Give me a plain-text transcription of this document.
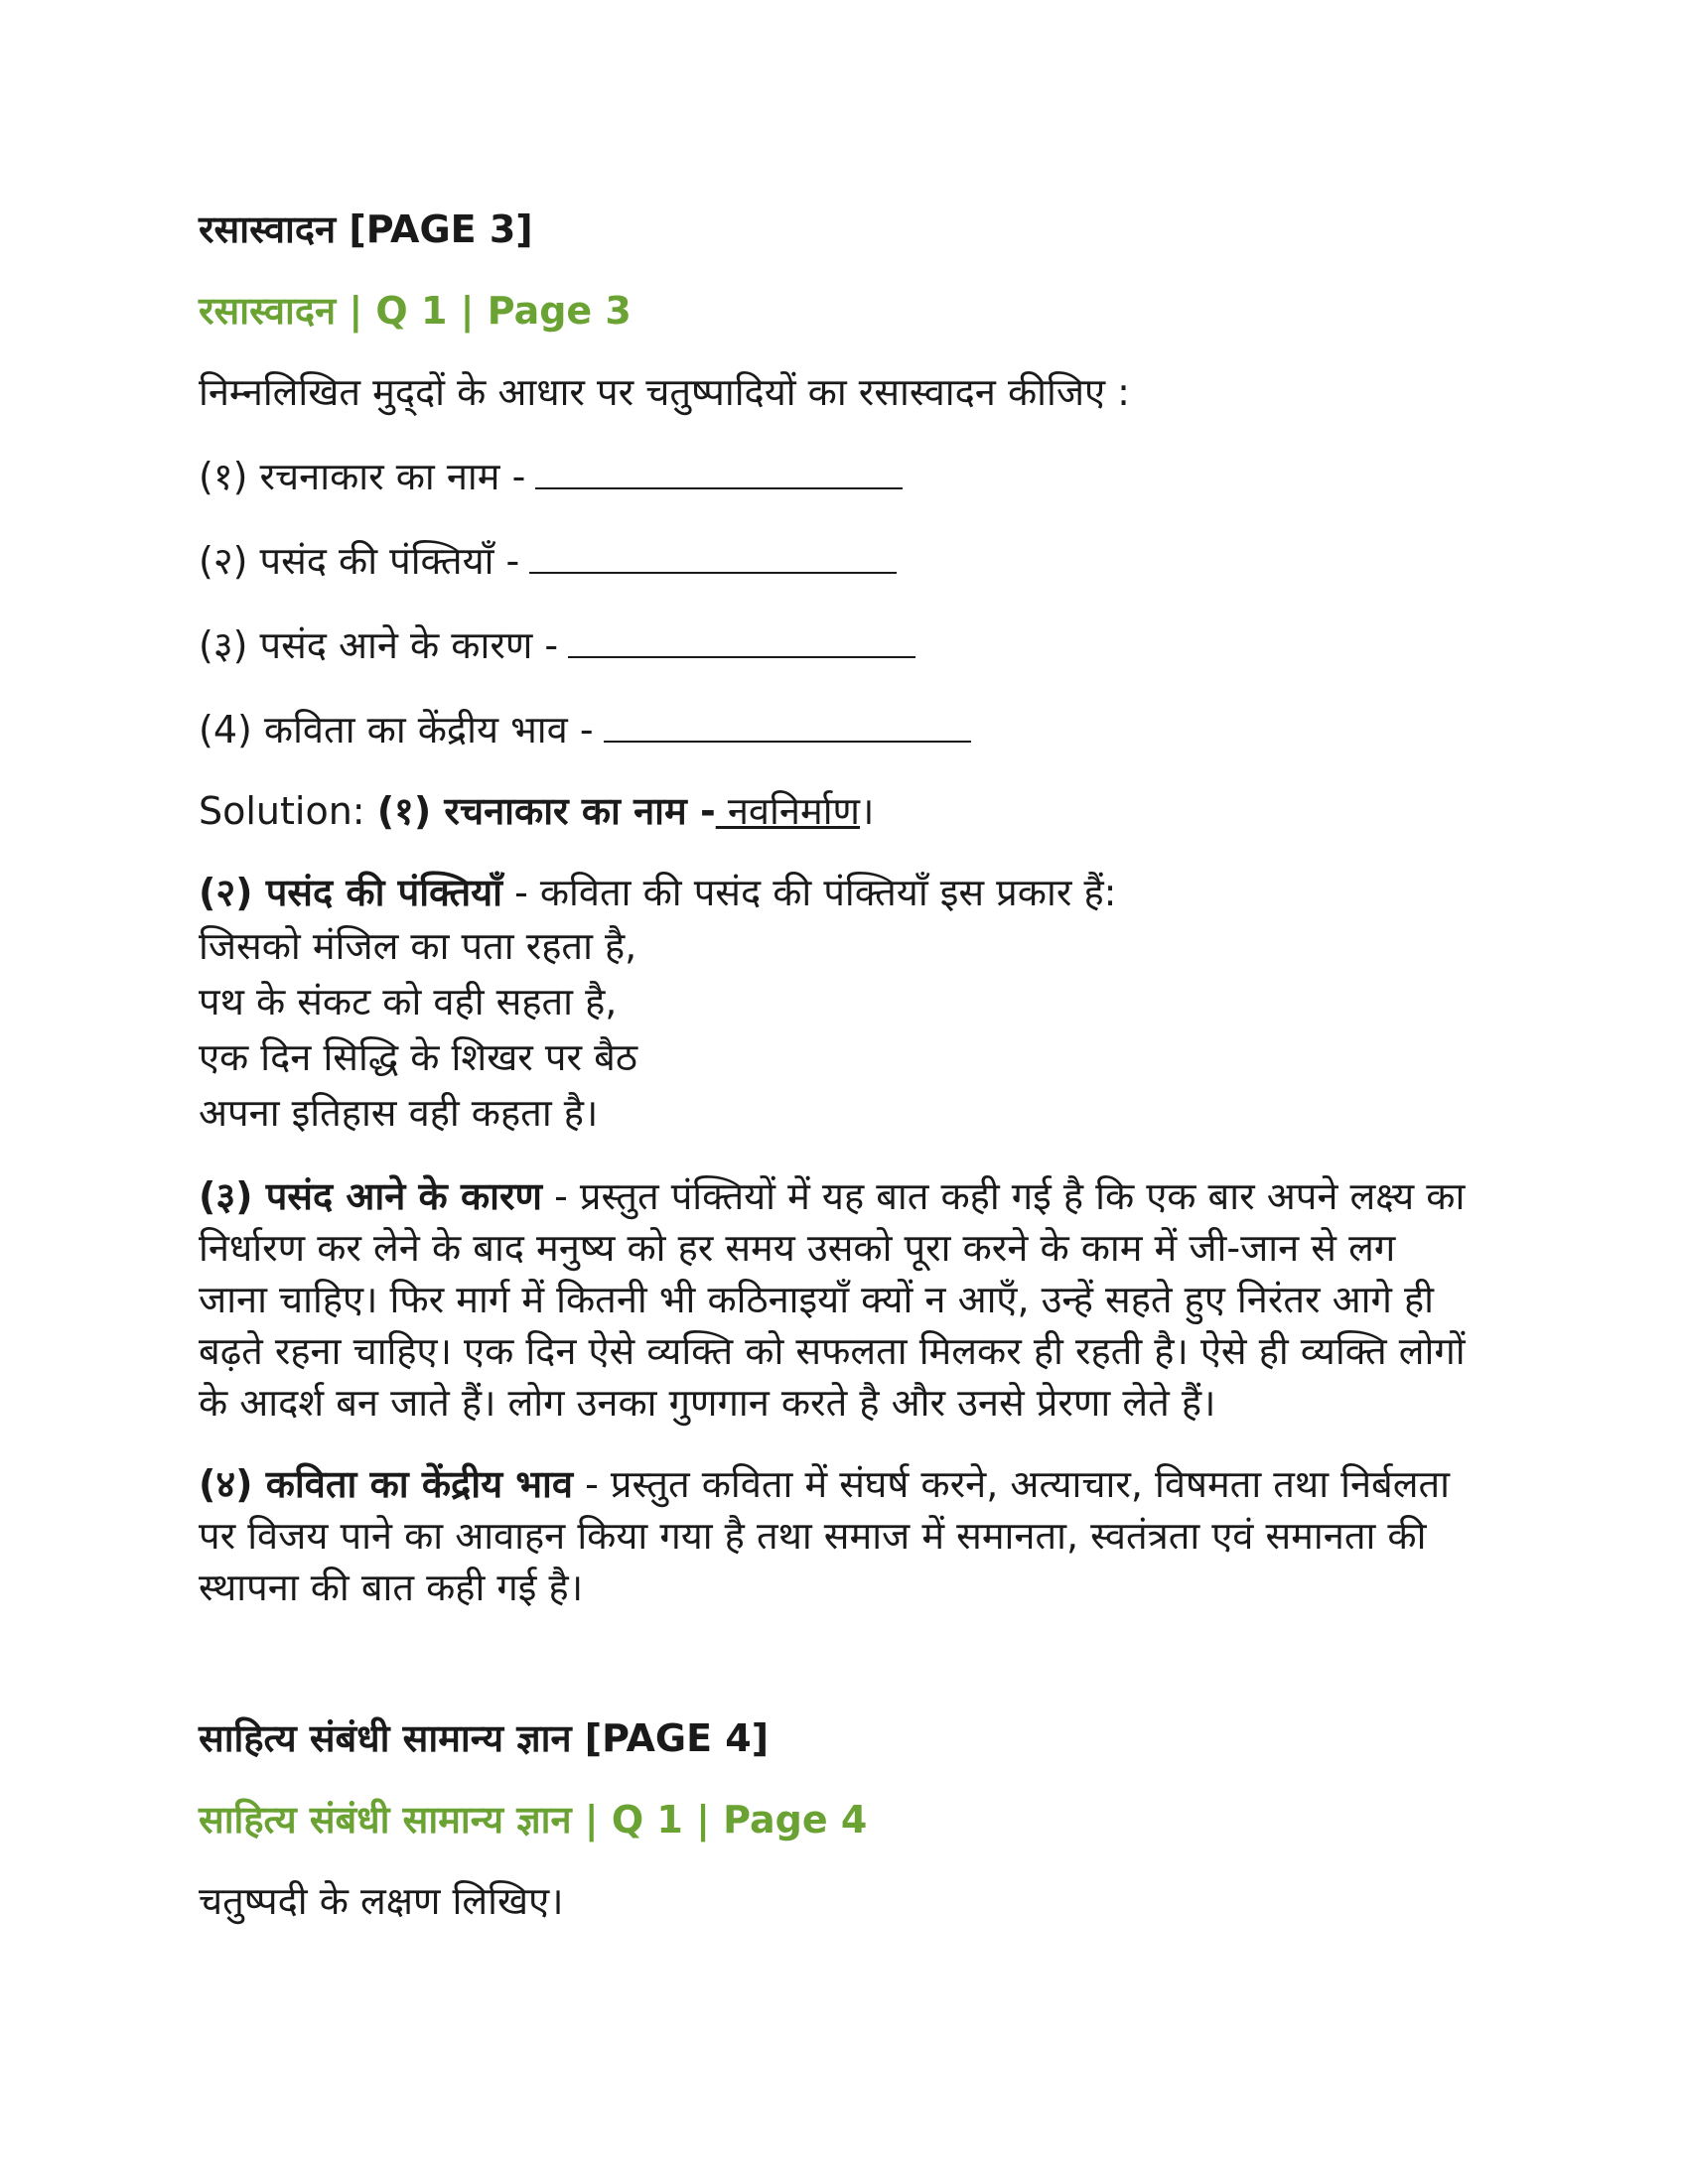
रसास्वादन [PAGE 3]
रसास्वादन | Q 1 | Page 3

निम्नलिखित मुद्‌दों के आधार पर चतुष्पादियों का रसास्वादन कीजिए :

(१) रचनाकार का नाम -

(२) पसंद की पंक्तियाँ -

(३) पसंद आने के कारण -

(4) कविता का केंद्रीय भाव -

Solution: (१) रचनाकार का नाम - नवनिर्माण।

(२) पसंद की पंक्तियाँ - कविता की पसंद की पंक्तियाँ इस प्रकार हैं:

जिसको मंजिल का पता रहता है,

पथ के संकट को वही सहता है,

एक दिन सिद्धि के शिखर पर बैठ

अपना इतिहास वही कहता है।

(३) पसंद आने के कारण - प्रस्तुत पंक्तियों में यह बात कही गई है कि एक बार अपने लक्ष्य का निर्धारण कर लेने के बाद मनुष्य को हर समय उसको पूरा करने के काम में जी-जान से लग जाना चाहिए। फिर मार्ग में कितनी भी कठिनाइयाँ क्यों न आएँ, उन्हें सहते हुए निरंतर आगे ही बढ़ते रहना चाहिए। एक दिन ऐसे व्यक्ति को सफलता मिलकर ही रहती है। ऐसे ही व्यक्ति लोगों के आदर्श बन जाते हैं। लोग उनका गुणगान करते है और उनसे प्रेरणा लेते हैं।

(४) कविता का केंद्रीय भाव - प्रस्तुत कविता में संघर्ष करने, अत्याचार, विषमता तथा निर्बलता पर विजय पाने का आवाहन किया गया है तथा समाज में समानता, स्वतंत्रता एवं समानता की स्थापना की बात कही गई है।

साहित्य संबंधी सामान्य ज्ञान [PAGE 4]
साहित्य संबंधी सामान्य ज्ञान | Q 1 | Page 4

चतुष्पदी के लक्षण लिखिए।
